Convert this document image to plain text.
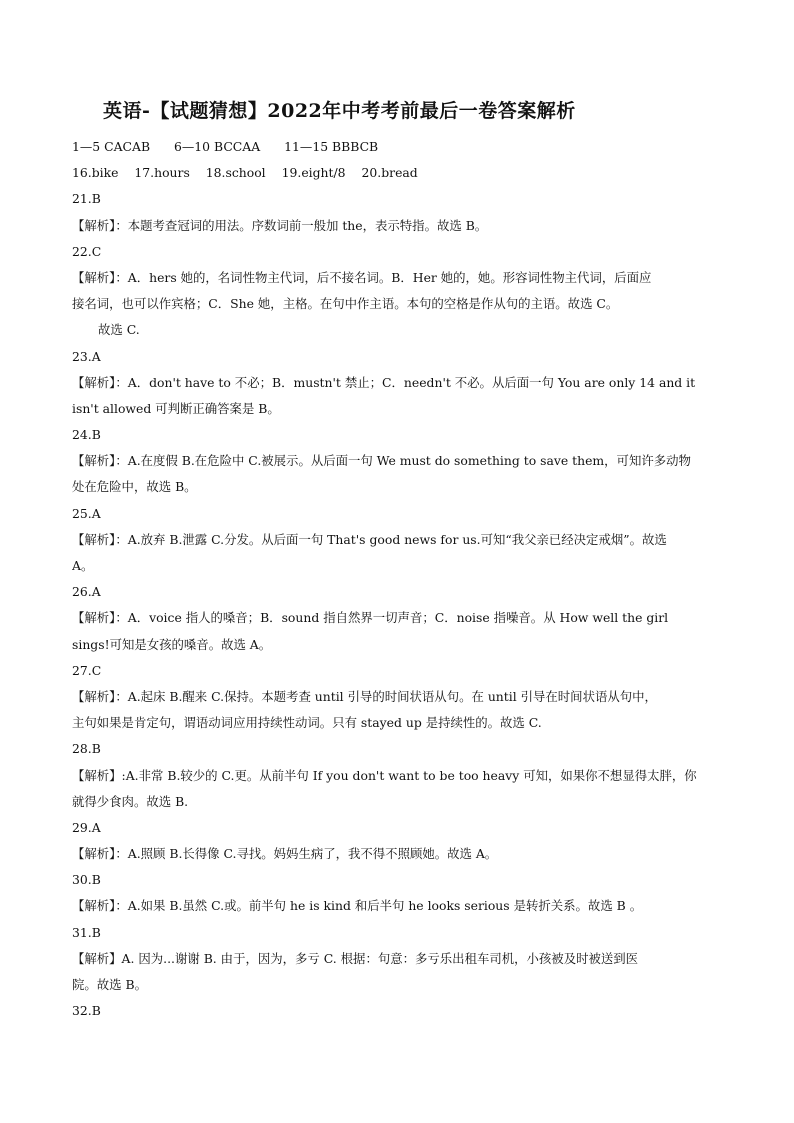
英语-【试题猜想】2022年中考考前最后一卷答案解析
1—5 CACAB 6—10 BCCAA 11—15 BBBCB
16.bike 17.hours 18.school 19.eight/8 20.bread
21.B
【解析】：本题考查冠词的用法。序数词前一般加 the，表示特指。故选 B。
22.C
【解析】：A．hers 她的，名词性物主代词，后不接名词。B．Her 她的，她。形容词性物主代词，后面应
接名词，也可以作宾格；C．She 她，主格。在句中作主语。本句的空格是作从句的主语。故选 C。
故选 C.
23.A
【解析】：A．don't have to 不必；B．mustn't 禁止；C．needn't 不必。从后面一句 You are only 14 and it
isn't allowed 可判断正确答案是 B。
24.B
【解析】：A.在度假 B.在危险中 C.被展示。从后面一句 We must do something to save them，可知许多动物
处在危险中，故选 B。
25.A
【解析】：A.放弃 B.泄露 C.分发。从后面一句 That's good news for us.可知“我父亲已经决定戒烟”。故选
A。
26.A
【解析】：A．voice 指人的嗓音；B．sound 指自然界一切声音；C．noise 指噪音。从 How well the girl
sings!可知是女孩的嗓音。故选 A。
27.C
【解析】：A.起床 B.醒来 C.保持。本题考查 until 引导的时间状语从句。在 until 引导在时间状语从句中，
主句如果是肯定句，谓语动词应用持续性动词。只有 stayed up 是持续性的。故选 C.
28.B
【解析】:A.非常 B.较少的 C.更。从前半句 If you don't want to be too heavy 可知，如果你不想显得太胖，你
就得少食肉。故选 B.
29.A
【解析】：A.照顾 B.长得像 C.寻找。妈妈生病了，我不得不照顾她。故选 A。
30.B
【解析】：A.如果 B.虽然 C.或。前半句 he is kind 和后半句 he looks serious 是转折关系。故选 B 。
31.B
【解析】A. 因为...谢谢 B. 由于，因为，多亏 C. 根据：句意：多亏乐出租车司机，小孩被及时被送到医
院。故选 B。
32.B
